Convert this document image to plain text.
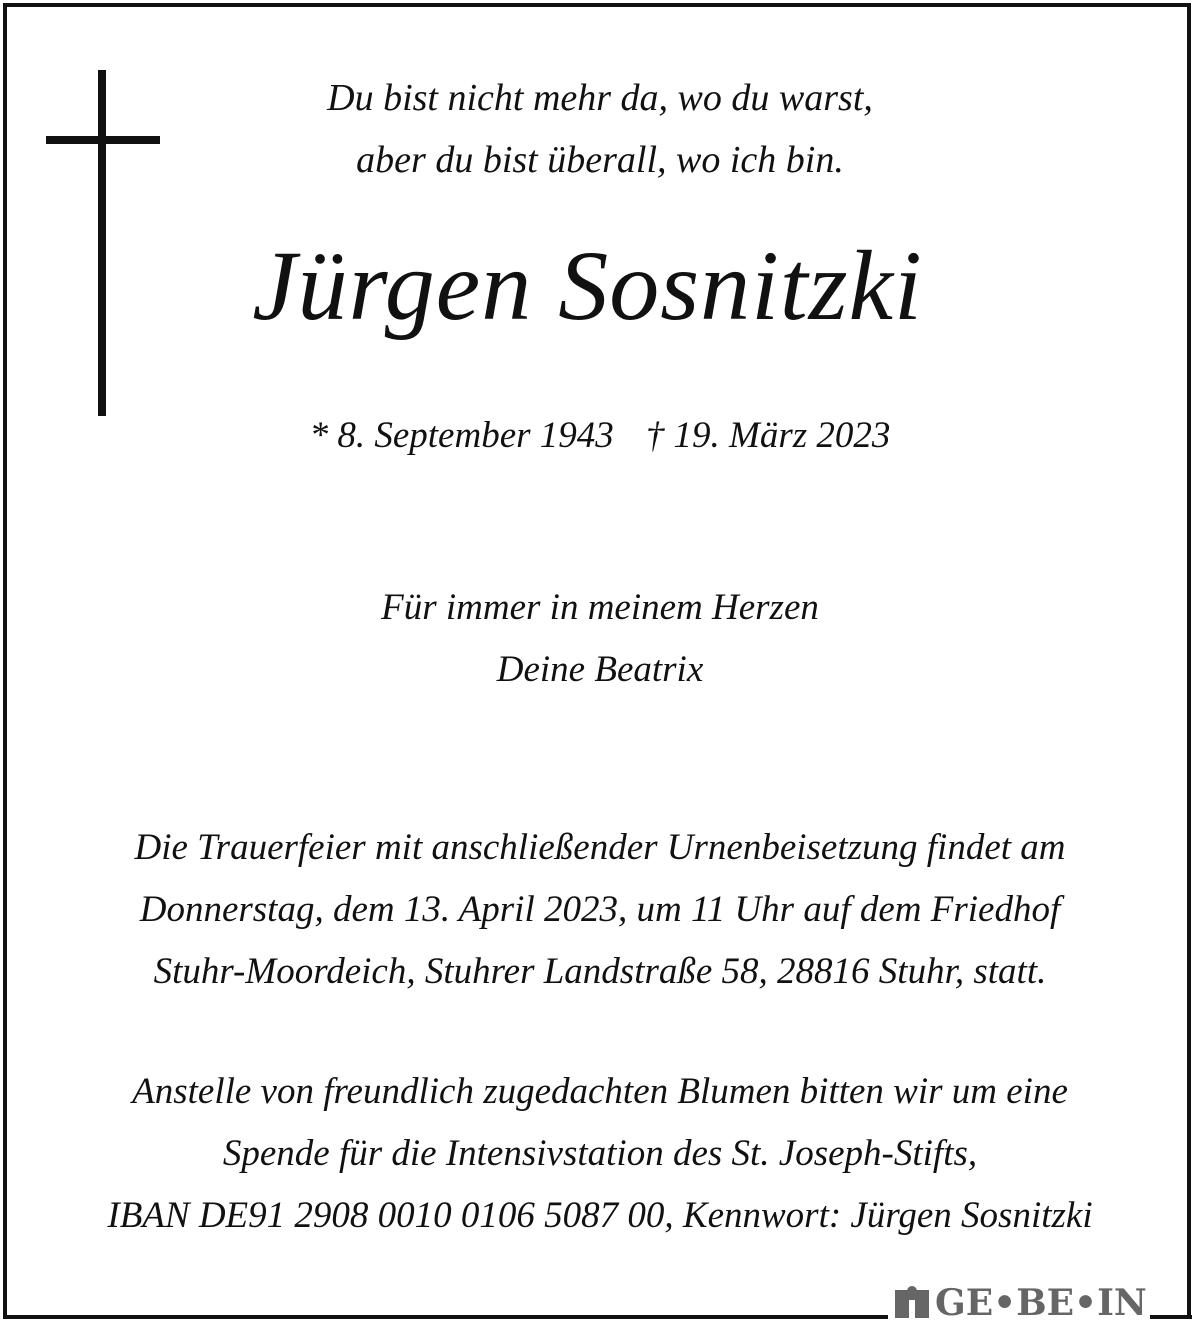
Du bist nicht mehr da, wo du warst,
aber du bist überall, wo ich bin.
Jürgen Sosnitzki
* 8. September 1943 † 19. März 2023
Für immer in meinem Herzen
Deine Beatrix
Die Trauerfeier mit anschließender Urnenbeisetzung findet am
Donnerstag, dem 13. April 2023, um 11 Uhr auf dem Friedhof
Stuhr-Moordeich, Stuhrer Landstraße 58, 28816 Stuhr, statt.
Anstelle von freundlich zugedachten Blumen bitten wir um eine
Spende für die Intensivstation des St. Joseph-Stifts,
IBAN DE91 2908 0010 0106 5087 00, Kennwort: Jürgen Sosnitzki
GE•BE•IN
